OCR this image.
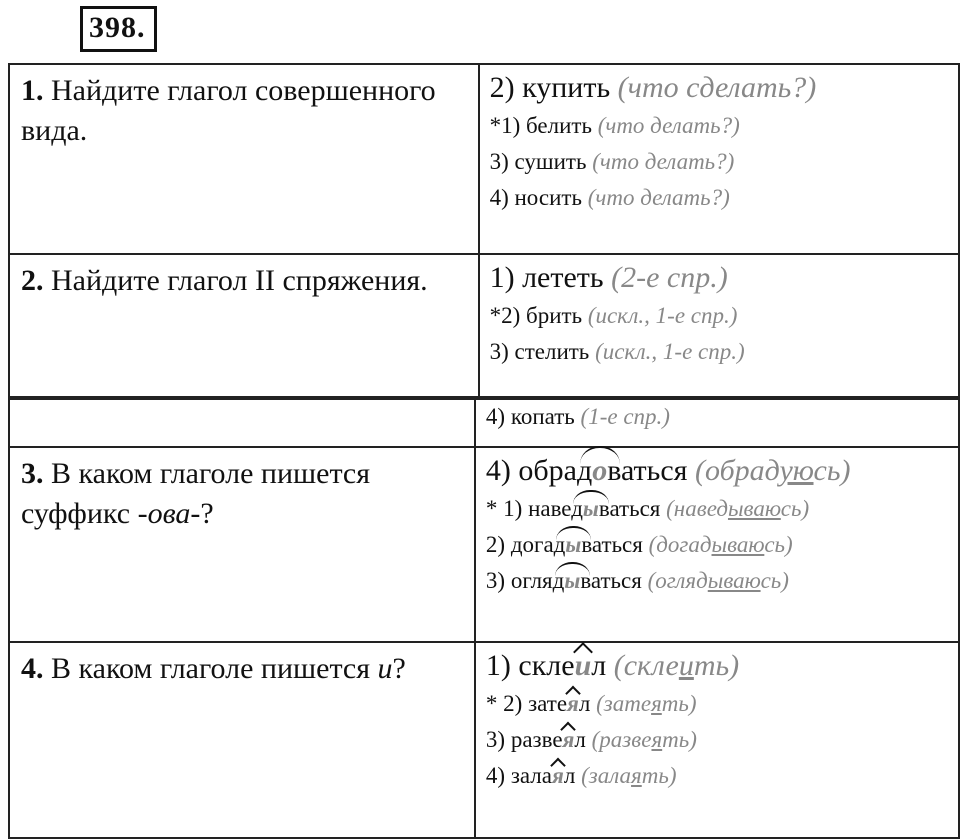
398.
1. Найдите глагол совершенного вида.	2) купить (что сделать?)
*1) белить (что делать?)
3) сушить (что делать?)
4) носить (что делать?)

2. Найдите глагол II спряжения.	1) лететь (2-е спр.)
*2) брить (искл., 1-е спр.)
3) стелить (искл., 1-е спр.)

	4) копать (1-е спр.)

3. В каком глаголе пишется суффикс -ова-?	4) обрадоваться (обрадуюсь)
* 1) наведываться (наведываюсь)
2) догадываться (догадываюсь)
3) оглядываться (оглядываюсь)

4. В каком глаголе пишется и?	1) склеил (склеить)
* 2) затеял (затеять)
3) развеял (развеять)
4) залаял (залаять)
